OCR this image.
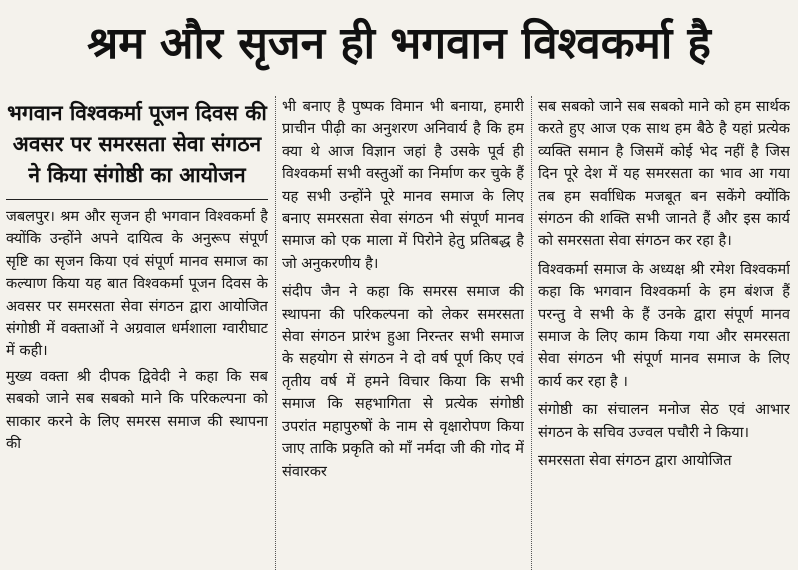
श्रम और सृजन ही भगवान विश्वकर्मा है
भगवान विश्वकर्मा पूजन दिवस की अवसर पर समरसता सेवा संगठन ने किया संगोष्ठी का आयोजन

जबलपुर। श्रम और सृजन ही भगवान विश्वकर्मा है क्योंकि उन्होंने अपने दायित्व के अनुरूप संपूर्ण सृष्टि का सृजन किया एवं संपूर्ण मानव समाज का कल्याण किया यह बात विश्वकर्मा पूजन दिवस के अवसर पर समरसता सेवा संगठन द्वारा आयोजित संगोष्ठी में वक्ताओं ने अग्रवाल धर्मशाला ग्वारीघाट में कही।

मुख्य वक्ता श्री दीपक द्विवेदी ने कहा कि सब सबको जाने सब सबको माने कि परिकल्पना को साकार करने के लिए समरस समाज की स्थापना की

भी बनाए है पुष्पक विमान भी बनाया, हमारी प्राचीन पीढ़ी का अनुशरण अनिवार्य है कि हम क्या थे आज विज्ञान जहां है उसके पूर्व ही विश्वकर्मा सभी वस्तुओं का निर्माण कर चुके हैं यह सभी उन्होंने पूरे मानव समाज के लिए बनाए समरसता सेवा संगठन भी संपूर्ण मानव समाज को एक माला में पिरोने हेतु प्रतिबद्ध है जो अनुकरणीय है।

संदीप जैन ने कहा कि समरस समाज की स्थापना की परिकल्पना को लेकर समरसता सेवा संगठन प्रारंभ हुआ निरन्तर सभी समाज के सहयोग से संगठन ने दो वर्ष पूर्ण किए एवं तृतीय वर्ष में हमने विचार किया कि सभी समाज कि सहभागिता से प्रत्येक संगोष्ठी उपरांत महापुरुषों के नाम से वृक्षारोपण किया जाए ताकि प्रकृति को माँ नर्मदा जी की गोद में संवारकर

सब सबको जाने सब सबको माने को हम सार्थक करते हुए आज एक साथ हम बैठे है यहां प्रत्येक व्यक्ति समान है जिसमें कोई भेद नहीं है जिस दिन पूरे देश में यह समरसता का भाव आ गया तब हम सर्वाधिक मजबूत बन सकेंगे क्योंकि संगठन की शक्ति सभी जानते हैं और इस कार्य को समरसता सेवा संगठन कर रहा है।

विश्वकर्मा समाज के अध्यक्ष श्री रमेश विश्वकर्मा कहा कि भगवान विश्वकर्मा के हम बंशज हैं परन्तु वे सभी के हैं उनके द्वारा संपूर्ण मानव समाज के लिए काम किया गया और समरसता सेवा संगठन भी संपूर्ण मानव समाज के लिए कार्य कर रहा है ।

संगोष्ठी का संचालन मनोज सेठ एवं आभार संगठन के सचिव उज्वल पचौरी ने किया।

समरसता सेवा संगठन द्वारा आयोजित
